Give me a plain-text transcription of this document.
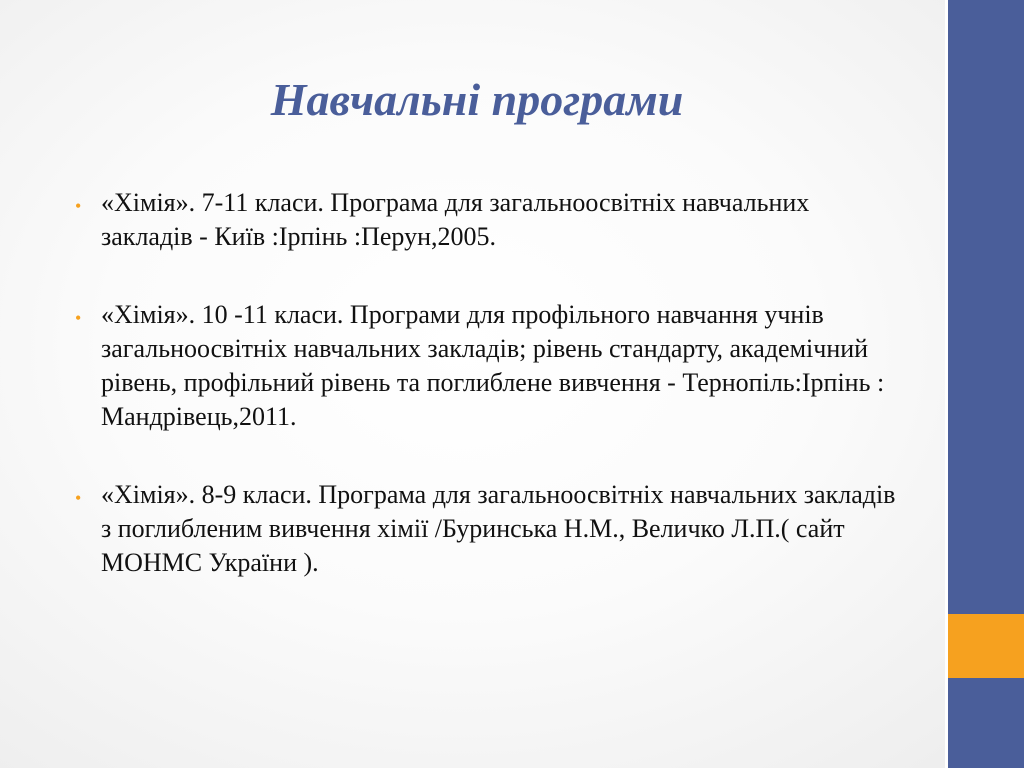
Навчальні програми
• «Хімія». 7-11 класи. Програма для загальноосвітніх навчальних закладів - Київ :Ірпінь :Перун,2005.
• «Хімія». 10 -11 класи. Програми для профільного навчання учнів загальноосвітніх навчальних закладів; рівень стандарту, академічний рівень, профільний рівень та поглиблене вивчення - Тернопіль:Ірпінь : Мандрівець,2011.
• «Хімія». 8-9 класи. Програма для загальноосвітніх навчальних закладів з поглибленим вивчення хімії /Буринська Н.М., Величко Л.П.( сайт МОНМС України ).
